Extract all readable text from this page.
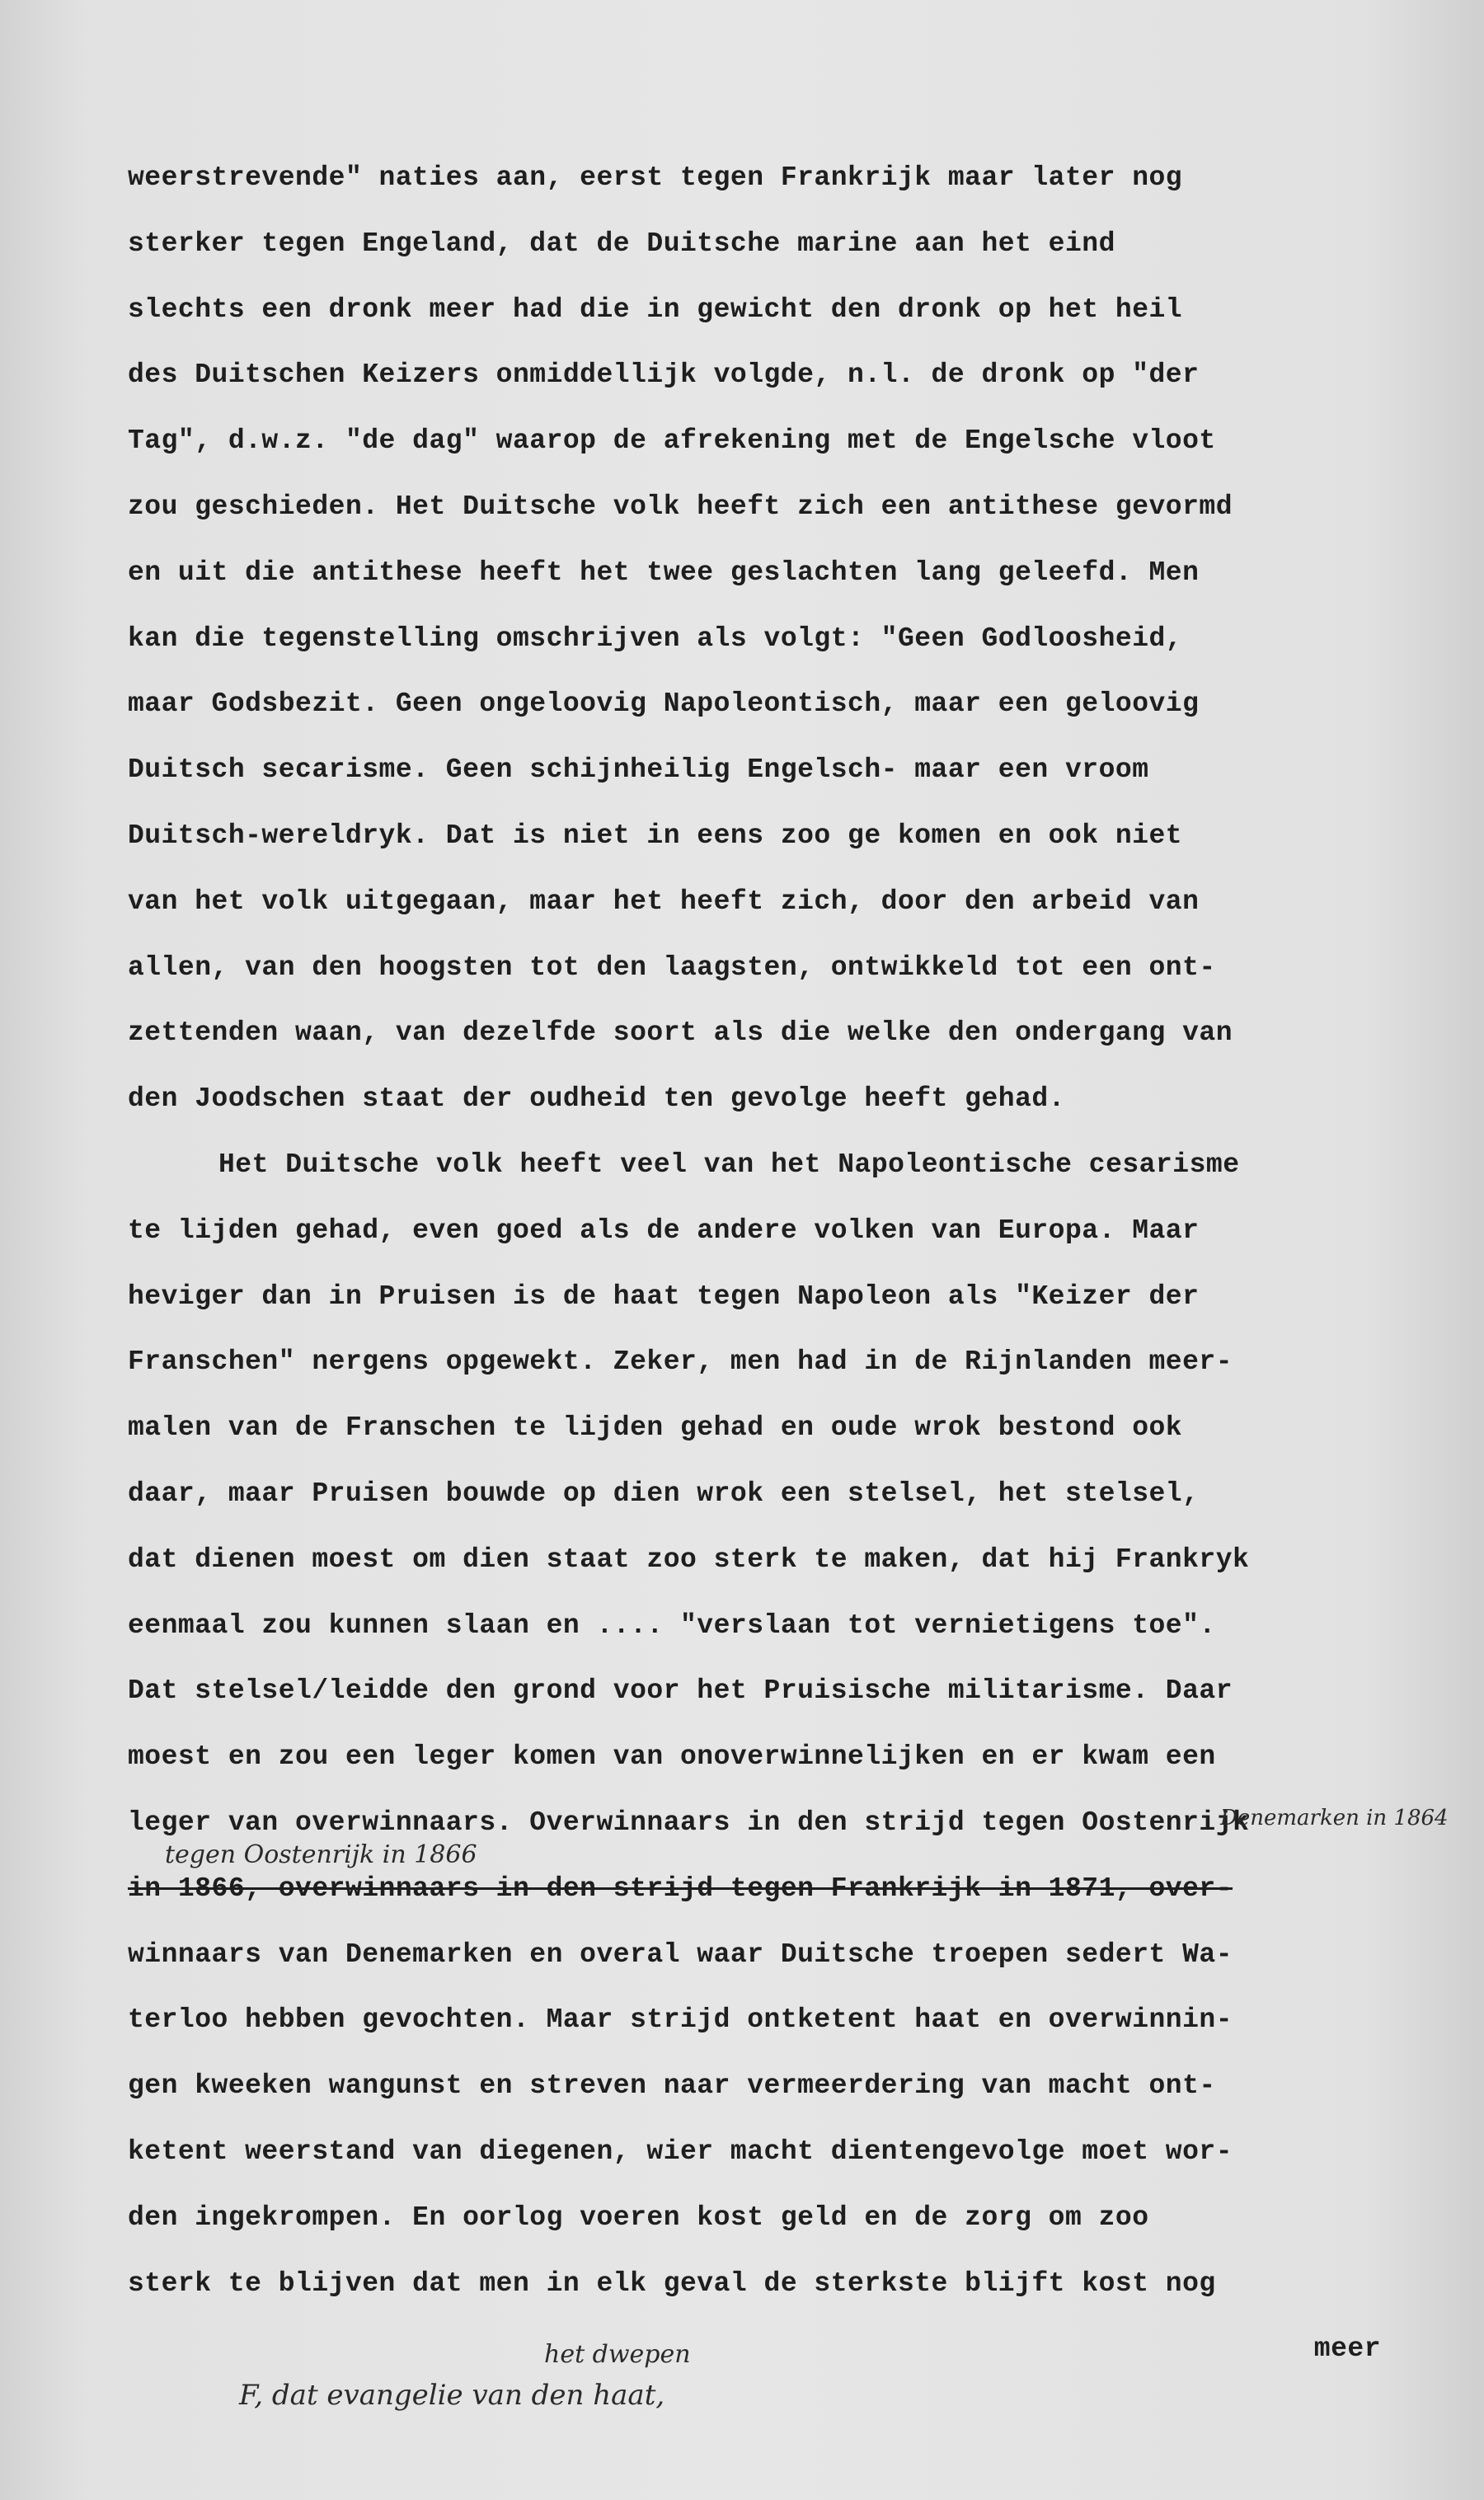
weerstrevende" naties aan, eerst tegen Frankrijk maar later nog
sterker tegen Engeland, dat de Duitsche marine aan het eind
slechts een dronk meer had die in gewicht den dronk op het heil
des Duitschen Keizers onmiddellijk volgde, n.l. de dronk op "der
Tag", d.w.z. "de dag" waarop de afrekening met de Engelsche vloot
zou geschieden. Het Duitsche volk heeft zich een antithese gevormd
en uit die antithese heeft het twee geslachten lang geleefd. Men
kan die tegenstelling omschrijven als volgt: "Geen Godloosheid,
maar Godsbezit. Geen ongeloovig Napoleontisch, maar een geloovig
Duitsch secarisme. Geen schijnheilig Engelsch- maar een vroom
Duitsch-wereldryk. Dat is niet in eens zoo ge komen en ook niet
van het volk uitgegaan, maar het heeft zich, door den arbeid van
allen, van den hoogsten tot den laagsten, ontwikkeld tot een ont-
zettenden waan, van dezelfde soort als die welke den ondergang van
den Joodschen staat der oudheid ten gevolge heeft gehad.
Het Duitsche volk heeft veel van het Napoleontische cesarisme
te lijden gehad, even goed als de andere volken van Europa. Maar
heviger dan in Pruisen is de haat tegen Napoleon als "Keizer der
Franschen" nergens opgewekt. Zeker, men had in de Rijnlanden meer-
malen van de Franschen te lijden gehad en oude wrok bestond ook
daar, maar Pruisen bouwde op dien wrok een stelsel, het stelsel,
dat dienen moest om dien staat zoo sterk te maken, dat hij Frankryk
eenmaal zou kunnen slaan en .... "verslaan tot vernietigens toe".
Dat stelsel/leidde den grond voor het Pruisische militarisme. Daar
moest en zou een leger komen van onoverwinnelijken en er kwam een
leger van overwinnaars. Overwinnaars in den strijd tegen Oostenrijk
in 1866, overwinnaars in den strijd tegen Frankrijk in 1871, over-
winnaars van Denemarken en overal waar Duitsche troepen sedert Wa-
terloo hebben gevochten. Maar strijd ontketent haat en overwinnin-
gen kweeken wangunst en streven naar vermeerdering van macht ont-
ketent weerstand van diegenen, wier macht dientengevolge moet wor-
den ingekrompen. En oorlog voeren kost geld en de zorg om zoo
sterk te blijven dat men in elk geval de sterkste blijft kost nog
meer
Denemarken in 1864
tegen Oostenrijk in 1866
het dwepen
F, dat evangelie van den haat,
